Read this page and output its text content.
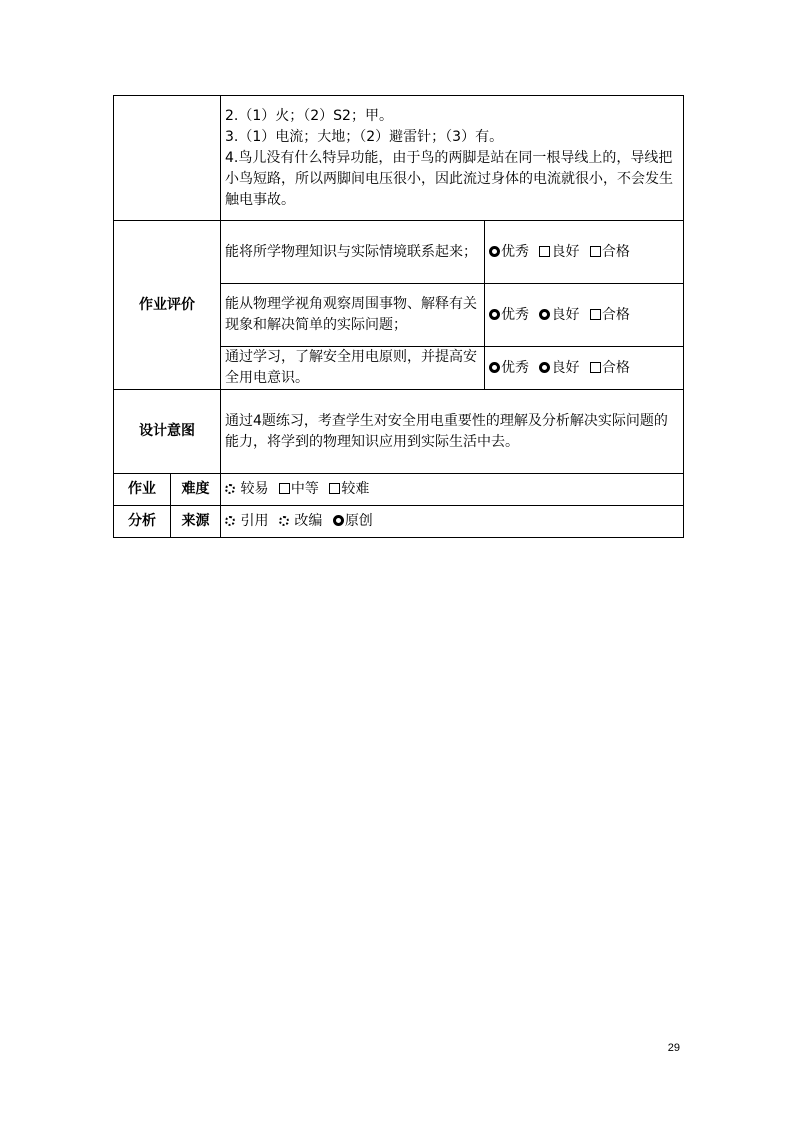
		2.（1）火；（2）S2；甲。
3.（1）电流；大地；（2）避雷针；（3）有。
4.鸟儿没有什么特异功能，由于鸟的两脚是站在同一根导线上的，导线把小鸟短路，所以两脚间电压很小，因此流过身体的电流就很小，不会发生触电事故。	

作业评价		能将所学物理知识与实际情境联系起来；	优秀 良好 合格
		能从物理学视角观察周围事物、解释有关现象和解决简单的实际问题；	优秀 良好 合格
		通过学习，了解安全用电原则，并提高安全用电意识。	优秀 良好 合格
设计意图		通过4题练习，考查学生对安全用电重要性的理解及分析解决实际问题的能力，将学到的物理知识应用到实际生活中去。	
作业	难度	较易 中等 较难	
分析	来源	引用 改编 原创	
29
